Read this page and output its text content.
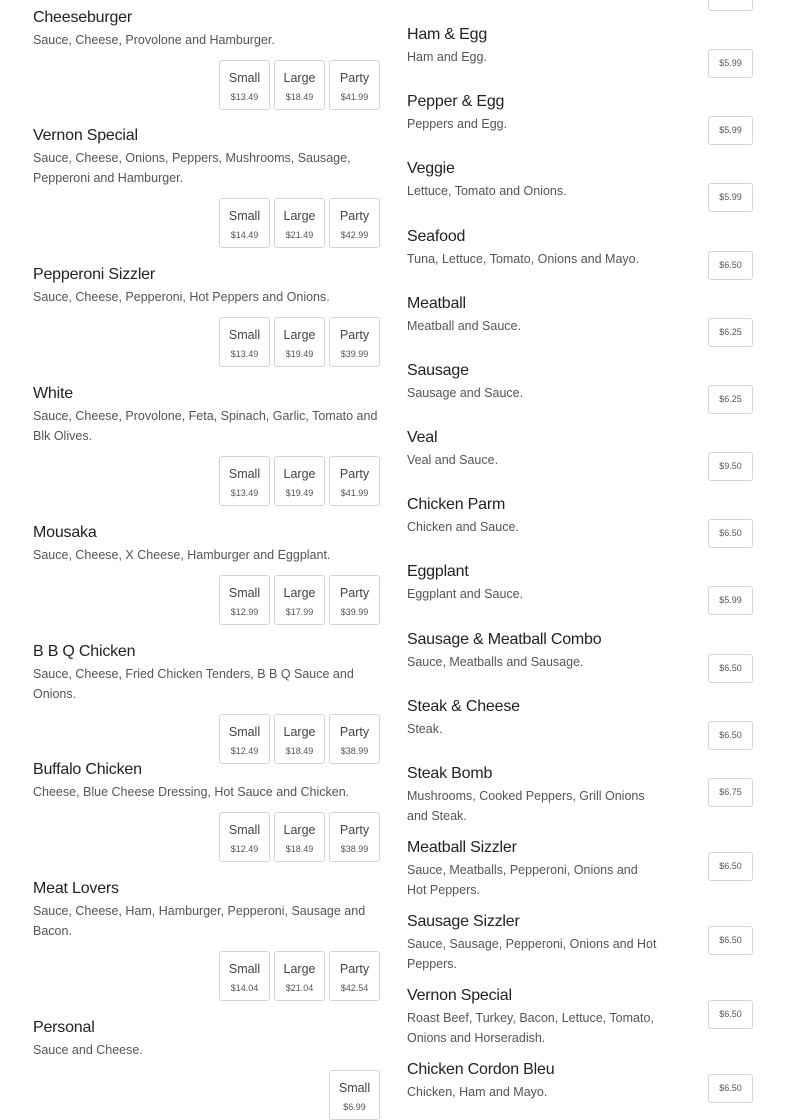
Cheeseburger
Sauce, Cheese, Provolone and Hamburger.
Small
$13.49
Large
$18.49
Party
$41.99
Vernon Special
Sauce, Cheese, Onions, Peppers, Mushrooms, Sausage, Pepperoni and Hamburger.
Small
$14.49
Large
$21.49
Party
$42.99
Pepperoni Sizzler
Sauce, Cheese, Pepperoni, Hot Peppers and Onions.
Small
$13.49
Large
$19.49
Party
$39.99
White
Sauce, Cheese, Provolone, Feta, Spinach, Garlic, Tomato and Blk Olives.
Small
$13.49
Large
$19.49
Party
$41.99
Mousaka
Sauce, Cheese, X Cheese, Hamburger and Eggplant.
Small
$12.99
Large
$17.99
Party
$39.99
B B Q Chicken
Sauce, Cheese, Fried Chicken Tenders, B B Q Sauce and Onions.
Small
$12.49
Large
$18.49
Party
$38.99
Buffalo Chicken
Cheese, Blue Cheese Dressing, Hot Sauce and Chicken.
Small
$12.49
Large
$18.49
Party
$38.99
Meat Lovers
Sauce, Cheese, Ham, Hamburger, Pepperoni, Sausage and Bacon.
Small
$14.04
Large
$21.04
Party
$42.54
Personal
Sauce and Cheese.
Small
$6.99
Ham & Egg
Ham and Egg.	$5.99
Pepper & Egg
Peppers and Egg.	$5.99
Veggie
Lettuce, Tomato and Onions.	$5.99
Seafood
Tuna, Lettuce, Tomato, Onions and Mayo.	$6.50
Meatball
Meatball and Sauce.	$6.25
Sausage
Sausage and Sauce.	$6.25
Veal
Veal and Sauce.	$9.50
Chicken Parm
Chicken and Sauce.	$6.50
Eggplant
Eggplant and Sauce.	$5.99
Sausage & Meatball Combo
Sauce, Meatballs and Sausage.	$6.50
Steak & Cheese
Steak.	$6.50
Steak Bomb
Mushrooms, Cooked Peppers, Grill Onions and Steak.
$6.75
Meatball Sizzler
Sauce, Meatballs, Pepperoni, Onions and Hot Peppers.
$6.50
Sausage Sizzler
Sauce, Sausage, Pepperoni, Onions and Hot Peppers.
$6.50
Vernon Special
Roast Beef, Turkey, Bacon, Lettuce, Tomato, Onions and Horseradish.
$6.50
Chicken Cordon Bleu
Chicken, Ham and Mayo.	$6.50
